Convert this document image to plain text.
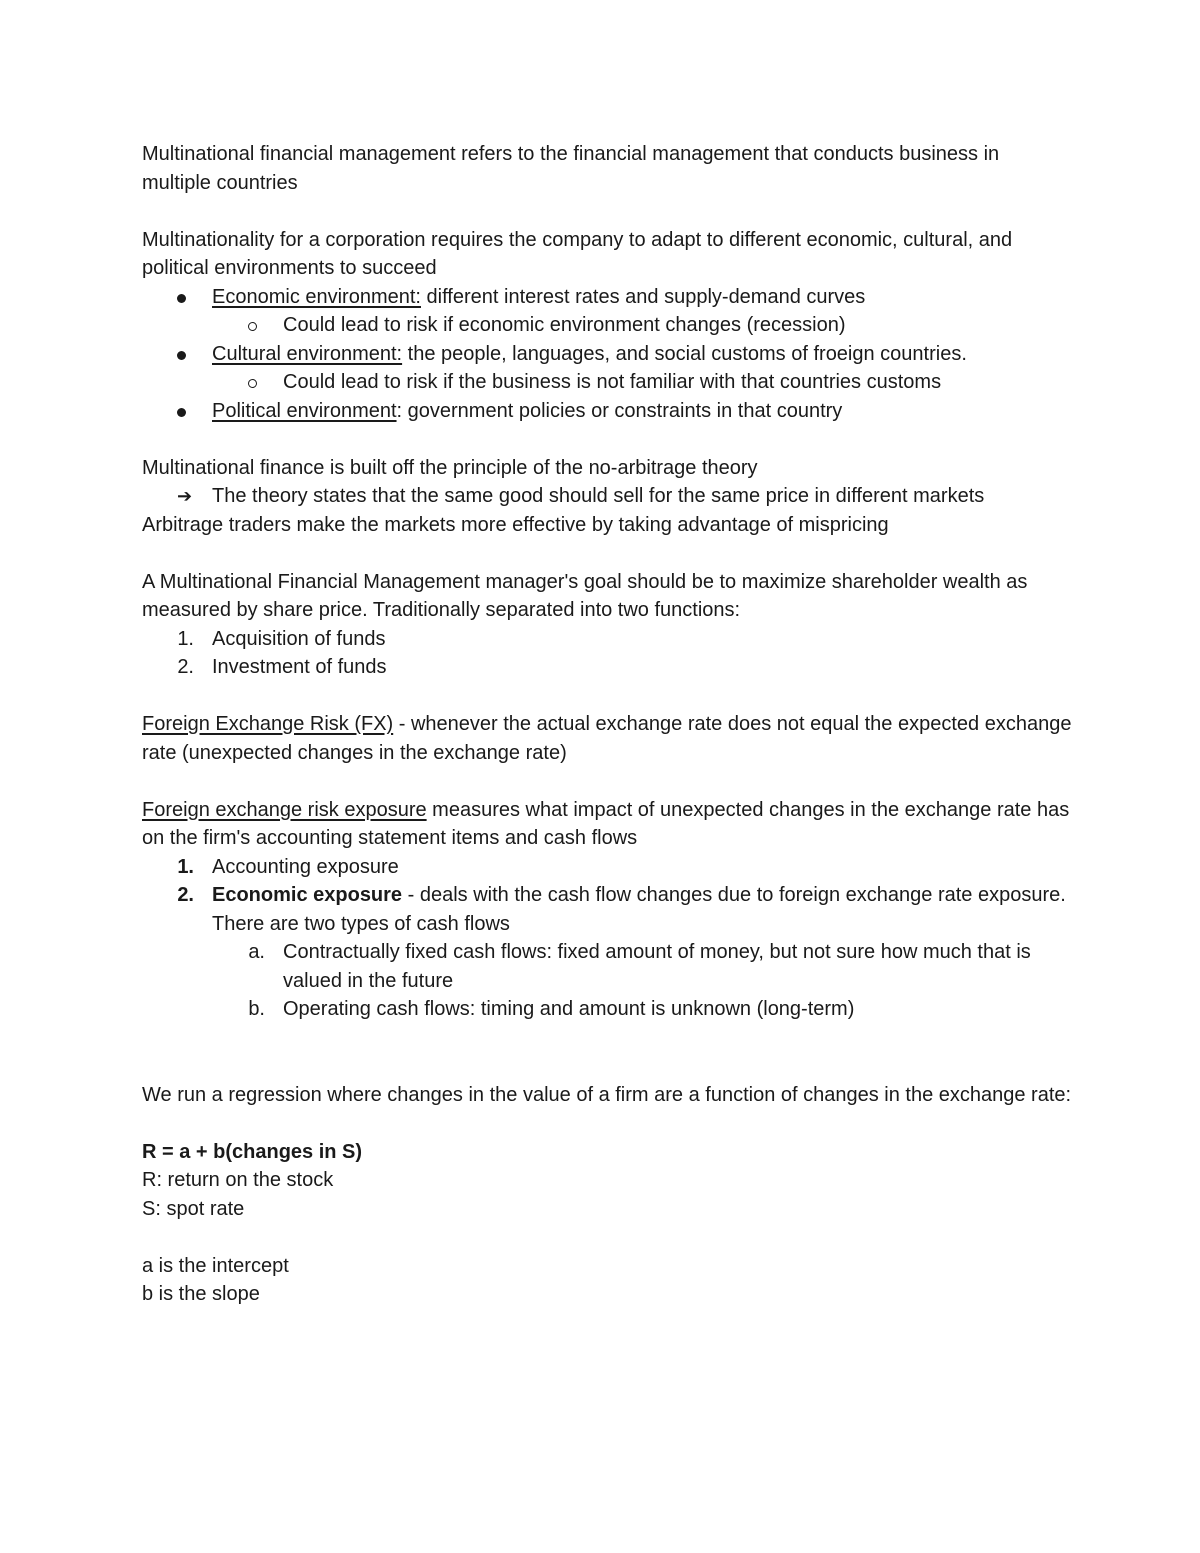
Multinational financial management refers to the financial management that conducts business in multiple countries

Multinationality for a corporation requires the company to adapt to different economic, cultural, and political environments to succeed

Economic environment: different interest rates and supply-demand curves
Could lead to risk if economic environment changes (recession)
Cultural environment: the people, languages, and social customs of froeign countries.
Could lead to risk if the business is not familiar with that countries customs
Political environment: government policies or constraints in that country

Multinational finance is built off the principle of the no-arbitrage theory

➔ The theory states that the same good should sell for the same price in different markets

Arbitrage traders make the markets more effective by taking advantage of mispricing

A Multinational Financial Management manager's goal should be to maximize shareholder wealth as measured by share price. Traditionally separated into two functions:

1. Acquisition of funds
2. Investment of funds

Foreign Exchange Risk (FX) - whenever the actual exchange rate does not equal the expected exchange rate (unexpected changes in the exchange rate)

Foreign exchange risk exposure measures what impact of unexpected changes in the exchange rate has on the firm's accounting statement items and cash flows

1. Accounting exposure
2. Economic exposure - deals with the cash flow changes due to foreign exchange rate exposure. There are two types of cash flows
a. Contractually fixed cash flows: fixed amount of money, but not sure how much that is valued in the future
b. Operating cash flows: timing and amount is unknown (long-term)

We run a regression where changes in the value of a firm are a function of changes in the exchange rate:

R = a + b(changes in S)

R: return on the stock

S: spot rate

a is the intercept

b is the slope
